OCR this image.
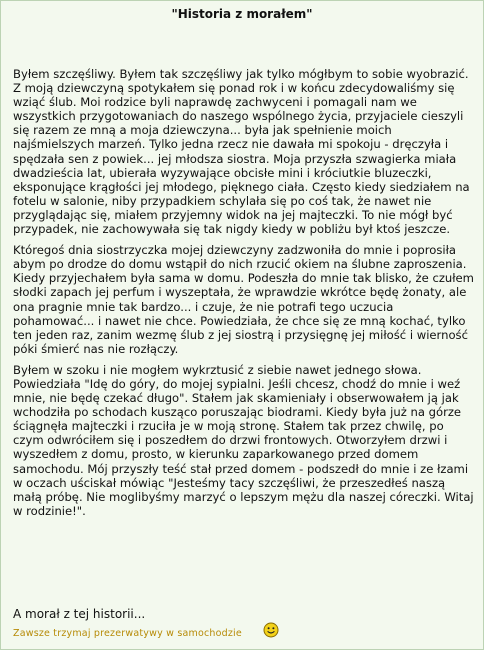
"Historia z morałem"

Byłem szczęśliwy. Byłem tak szczęśliwy jak tylko mógłbym to sobie wyobrazić. Z moją dziewczyną spotykałem się ponad rok i w końcu zdecydowaliśmy się wziąć ślub. Moi rodzice byli naprawdę zachwyceni i pomagali nam we wszystkich przygotowaniach do naszego wspólnego życia, przyjaciele cieszyli się razem ze mną a moja dziewczyna... była jak spełnienie moich najśmielszych marzeń. Tylko jedna rzecz nie dawała mi spokoju - dręczyła i spędzała sen z powiek... jej młodsza siostra. Moja przyszła szwagierka miała dwadzieścia lat, ubierała wyzywające obcisłe mini i króciutkie bluzeczki, eksponujące krągłości jej młodego, pięknego ciała. Często kiedy siedziałem na fotelu w salonie, niby przypadkiem schylała się po coś tak, że nawet nie przyglądając się, miałem przyjemny widok na jej majteczki. To nie mógł być przypadek, nie zachowywała się tak nigdy kiedy w pobliżu był ktoś jeszcze.

Któregoś dnia siostrzyczka mojej dziewczyny zadzwoniła do mnie i poprosiła abym po drodze do domu wstąpił do nich rzucić okiem na ślubne zaproszenia. Kiedy przyjechałem była sama w domu. Podeszła do mnie tak blisko, że czułem słodki zapach jej perfum i wyszeptała, że wprawdzie wkrótce będę żonaty, ale ona pragnie mnie tak bardzo... i czuje, że nie potrafi tego uczucia pohamować... i nawet nie chce. Powiedziała, że chce się ze mną kochać, tylko ten jeden raz, zanim wezmę ślub z jej siostrą i przysięgnę jej miłość i wierność póki śmierć nas nie rozłączy.

Byłem w szoku i nie mogłem wykrztusić z siebie nawet jednego słowa. Powiedziała "Idę do góry, do mojej sypialni. Jeśli chcesz, chodź do mnie i weź mnie, nie będę czekać długo". Stałem jak skamieniały i obserwowałem ją jak wchodziła po schodach kusząco poruszając biodrami. Kiedy była już na górze ściągnęła majteczki i rzuciła je w moją stronę. Stałem tak przez chwilę, po czym odwróciłem się i poszedłem do drzwi frontowych. Otworzyłem drzwi i wyszedłem z domu, prosto, w kierunku zaparkowanego przed domem samochodu. Mój przyszły teść stał przed domem - podszedł do mnie i ze łzami w oczach uściskał mówiąc "Jesteśmy tacy szczęśliwi, że przeszedłeś naszą małą próbę. Nie moglibyśmy marzyć o lepszym mężu dla naszej córeczki. Witaj w rodzinie!".

A morał z tej historii...
Zawsze trzymaj prezerwatywy w samochodzie
